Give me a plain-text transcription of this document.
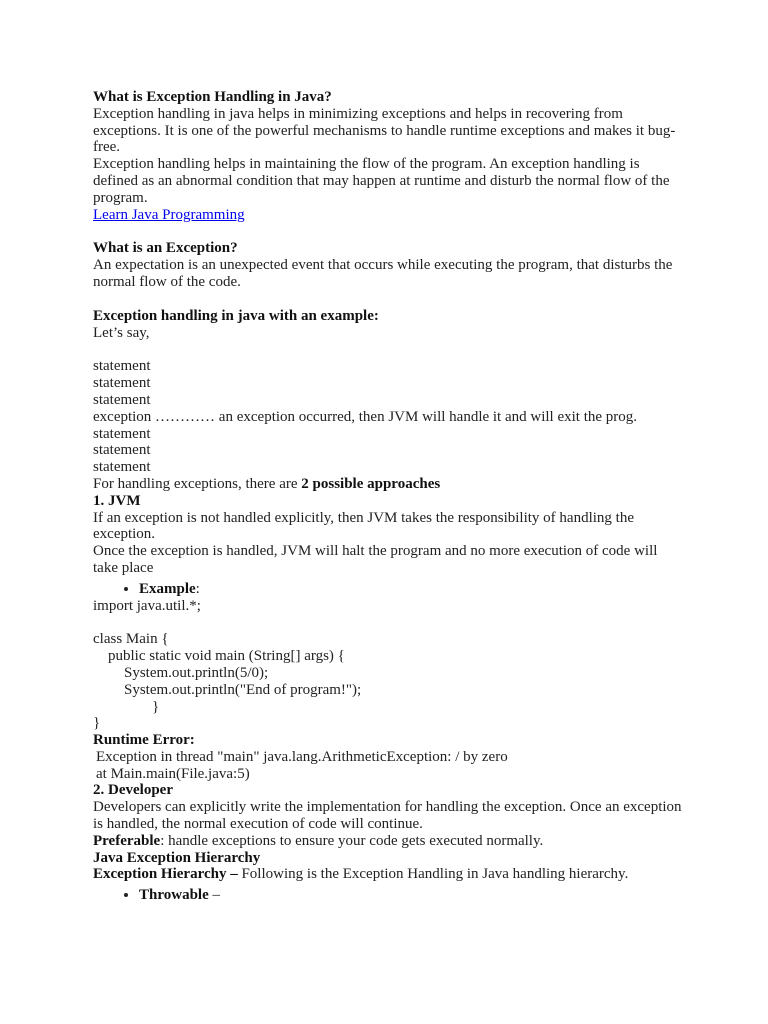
What is Exception Handling in Java?

Exception handling in java helps in minimizing exceptions and helps in recovering from exceptions. It is one of the powerful mechanisms to handle runtime exceptions and makes it bug-free.

Exception handling helps in maintaining the flow of the program. An exception handling is defined as an abnormal condition that may happen at runtime and disturb the normal flow of the program.

Learn Java Programming

What is an Exception?

An expectation is an unexpected event that occurs while executing the program, that disturbs the normal flow of the code.

Exception handling in java with an example:

Let’s say,

statement

statement

statement

exception ………… an exception occurred, then JVM will handle it and will exit the prog.

statement

statement

statement

For handling exceptions, there are 2 possible approaches

1. JVM

If an exception is not handled explicitly, then JVM takes the responsibility of handling the exception.

Once the exception is handled, JVM will halt the program and no more execution of code will take place

• Example:

import java.util.*;

class Main {

public static void main (String[] args) {

System.out.println(5/0);

System.out.println("End of program!");

}

}

Runtime Error:

Exception in thread "main" java.lang.ArithmeticException: / by zero

at Main.main(File.java:5)

2. Developer

Developers can explicitly write the implementation for handling the exception. Once an exception is handled, the normal execution of code will continue.

Preferable: handle exceptions to ensure your code gets executed normally.

Java Exception Hierarchy

Exception Hierarchy – Following is the Exception Handling in Java handling hierarchy.

• Throwable –
